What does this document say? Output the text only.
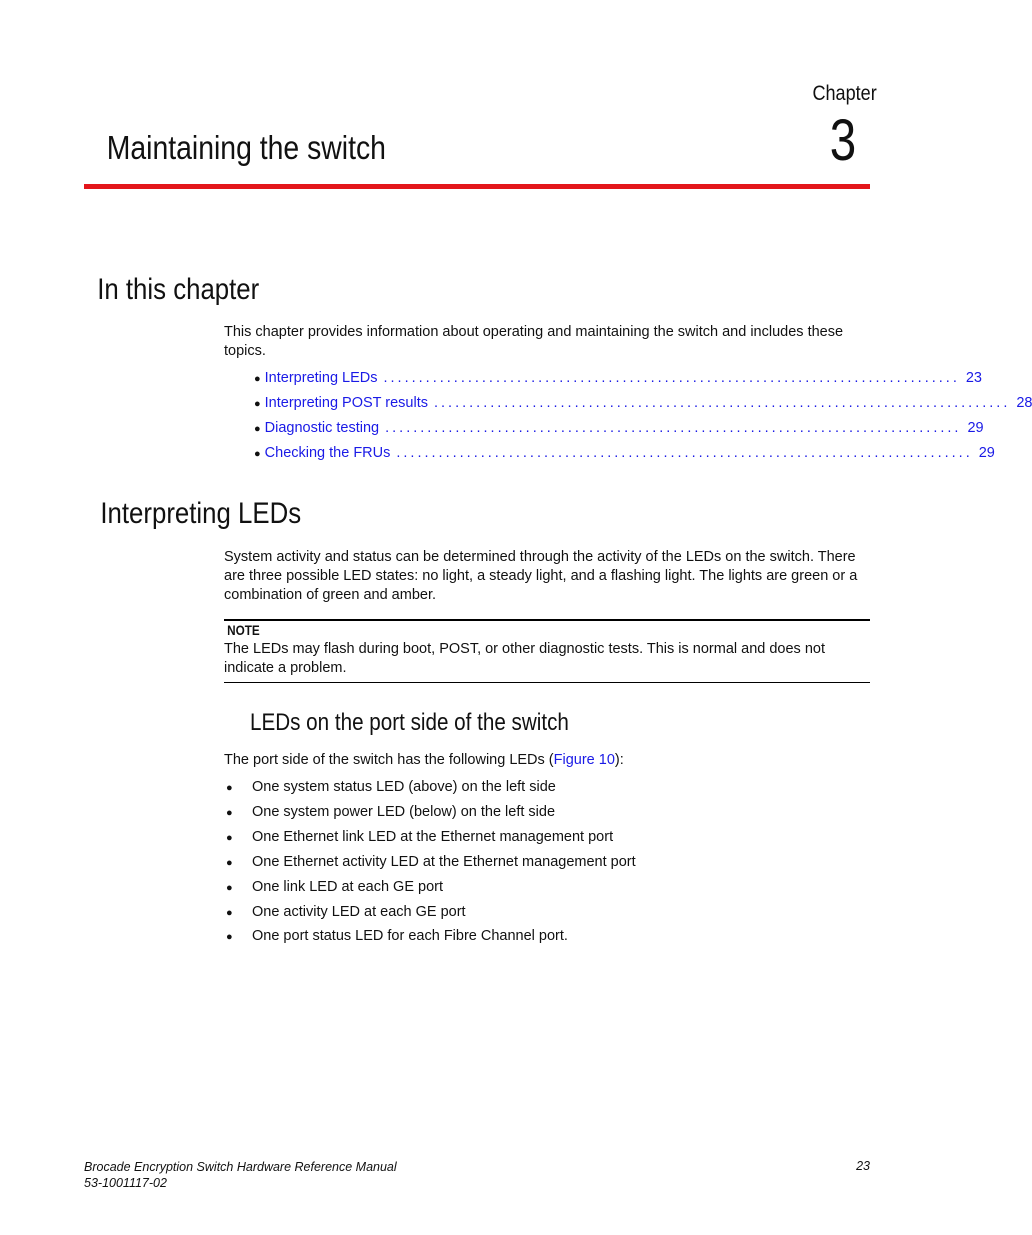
Chapter
3
Maintaining the switch
In this chapter
This chapter provides information about operating and maintaining the switch and includes these topics.
● Interpreting LEDs .................................................................................. 23
● Interpreting POST results .................................................................................. 28
● Diagnostic testing .................................................................................. 29
● Checking the FRUs .................................................................................. 29
Interpreting LEDs
System activity and status can be determined through the activity of the LEDs on the switch. There are three possible LED states: no light, a steady light, and a flashing light. The lights are green or a combination of green and amber.
NOTE
The LEDs may flash during boot, POST, or other diagnostic tests. This is normal and does not indicate a problem.
LEDs on the port side of the switch
The port side of the switch has the following LEDs (Figure 10):
● One system status LED (above) on the left side
● One system power LED (below) on the left side
● One Ethernet link LED at the Ethernet management port
● One Ethernet activity LED at the Ethernet management port
● One link LED at each GE port
● One activity LED at each GE port
● One port status LED for each Fibre Channel port.
Brocade Encryption Switch Hardware Reference Manual
53-1001117-02
23
